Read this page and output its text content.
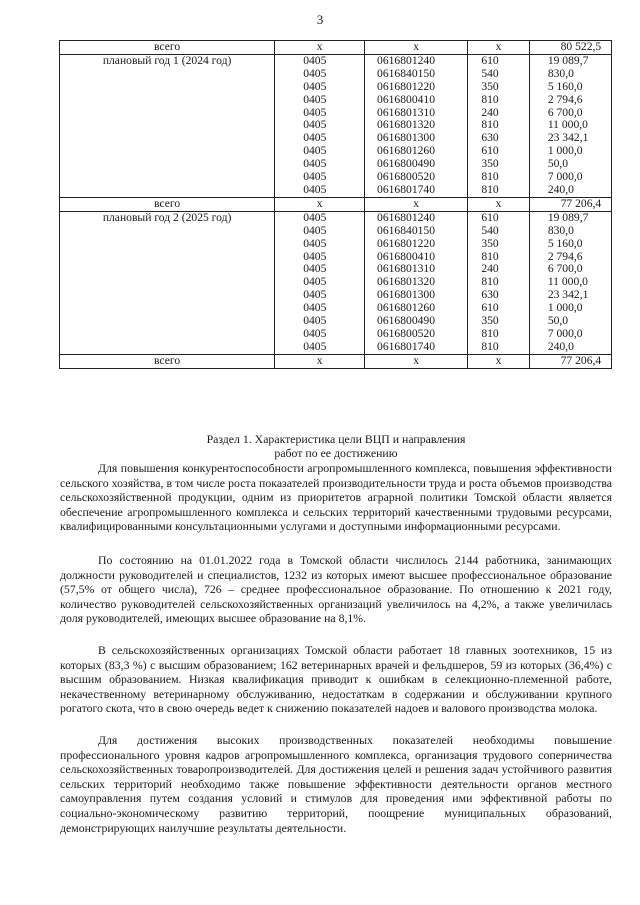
3
всего	x	x	x	80 522,5
плановый год 1 (2024 год)	0405	0616801240	610	19 089,7
	0405	0616840150	540	830,0
	0405	0616801220	350	5 160,0
	0405	0616800410	810	2 794,6
	0405	0616801310	240	6 700,0
	0405	0616801320	810	11 000,0
	0405	0616801300	630	23 342,1
	0405	0616801260	610	1 000,0
	0405	0616800490	350	50,0
	0405	0616800520	810	7 000,0
	0405	0616801740	810	240,0
всего	x	x	x	77 206,4
плановый год 2 (2025 год)	0405	0616801240	610	19 089,7
	0405	0616840150	540	830,0
	0405	0616801220	350	5 160,0
	0405	0616800410	810	2 794,6
	0405	0616801310	240	6 700,0
	0405	0616801320	810	11 000,0
	0405	0616801300	630	23 342,1
	0405	0616801260	610	1 000,0
	0405	0616800490	350	50,0
	0405	0616800520	810	7 000,0
	0405	0616801740	810	240,0
всего	x	x	x	77 206,4
Раздел 1. Характеристика цели ВЦП и направления
работ по ее достижению

Для повышения конкурентоспособности агропромышленного комплекса, повышения эффективности сельского хозяйства, в том числе роста показателей производительности труда и роста объемов производства сельскохозяйственной продукции, одним из приоритетов аграрной политики Томской области является обеспечение агропромышленного комплекса и сельских территорий качественными трудовыми ресурсами, квалифицированными консультационными услугами и доступными информационными ресурсами.

По состоянию на 01.01.2022 года в Томской области числилось 2144 работника, занимающих должности руководителей и специалистов, 1232 из которых имеют высшее профессиональное образование (57,5% от общего числа), 726 – среднее профессиональное образование. По отношению к 2021 году, количество руководителей сельскохозяйственных организаций увеличилось на 4,2%, а также увеличилась доля руководителей, имеющих высшее образование на 8,1%.

В сельскохозяйственных организациях Томской области работает 18 главных зоотехников, 15 из которых (83,3 %) с высшим образованием; 162 ветеринарных врачей и фельдшеров, 59 из которых (36,4%) с высшим образованием. Низкая квалификация приводит к ошибкам в селекционно-племенной работе, некачественному ветеринарному обслуживанию, недостаткам в содержании и обслуживании крупного рогатого скота, что в свою очередь ведет к снижению показателей надоев и валового производства молока.

Для достижения высоких производственных показателей необходимы повышение профессионального уровня кадров агропромышленного комплекса, организация трудового соперничества сельскохозяйственных товаропроизводителей. Для достижения целей и решения задач устойчивого развития сельских территорий необходимо также повышение эффективности деятельности органов местного самоуправления путем создания условий и стимулов для проведения ими эффективной работы по социально-экономическому развитию территорий, поощрение муниципальных образований, демонстрирующих наилучшие результаты деятельности.
